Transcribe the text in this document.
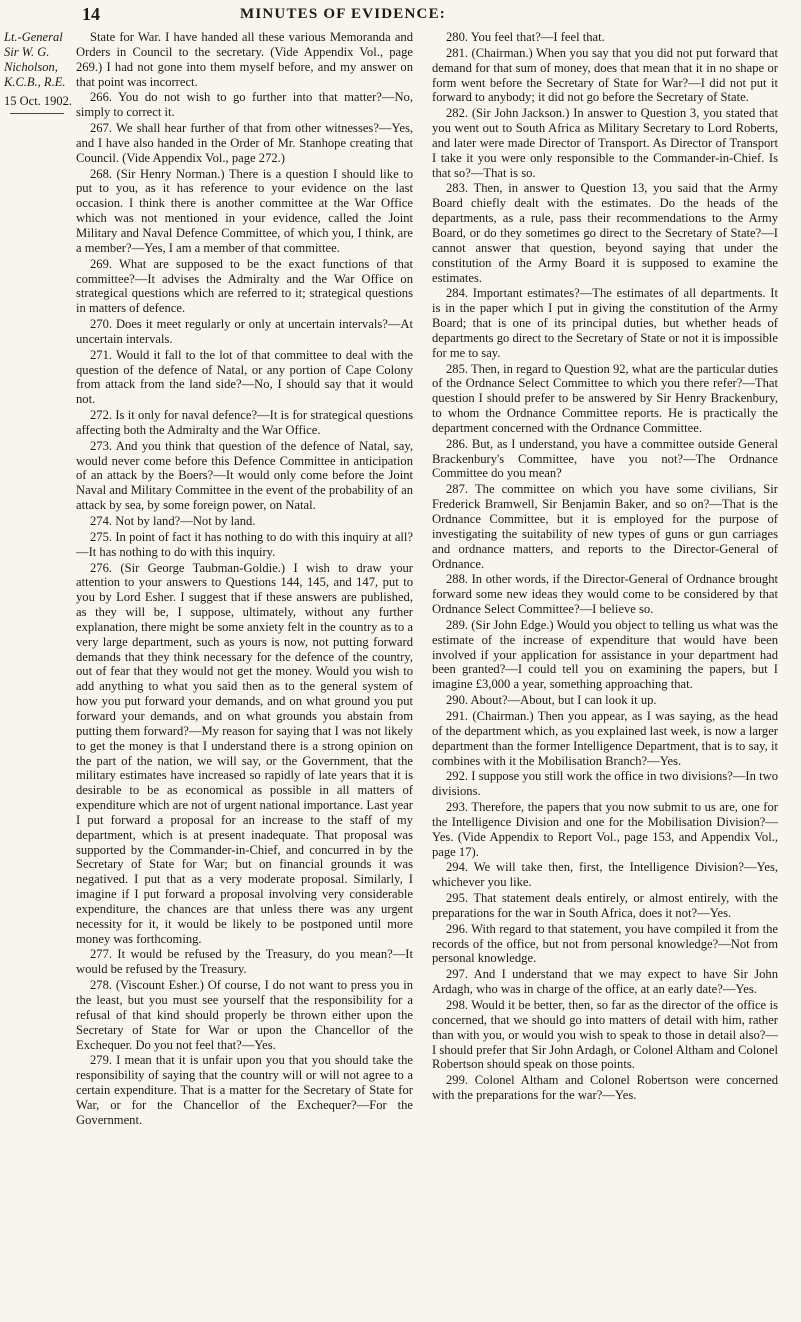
14	MINUTES OF EVIDENCE:
Lt.-General
Sir W. G.
Nicholson,
K.C.B., R.E.
15 Oct. 1902.

State for War. I have handed all these various Memoranda and Orders in Council to the secretary. (Vide Appendix Vol., page 269.) I had not gone into them myself before, and my answer on that point was incorrect.

266. You do not wish to go further into that matter?—No, simply to correct it.

267. We shall hear further of that from other witnesses?—Yes, and I have also handed in the Order of Mr. Stanhope creating that Council. (Vide Appendix Vol., page 272.)

268. (Sir Henry Norman.) There is a question I should like to put to you, as it has reference to your evidence on the last occasion. I think there is another committee at the War Office which was not mentioned in your evidence, called the Joint Military and Naval Defence Committee, of which you, I think, are a member?—Yes, I am a member of that committee.

269. What are supposed to be the exact functions of that committee?—It advises the Admiralty and the War Office on strategical questions which are referred to it; strategical questions in matters of defence.

270. Does it meet regularly or only at uncertain intervals?—At uncertain intervals.

271. Would it fall to the lot of that committee to deal with the question of the defence of Natal, or any portion of Cape Colony from attack from the land side?—No, I should say that it would not.

272. Is it only for naval defence?—It is for strategical questions affecting both the Admiralty and the War Office.

273. And you think that question of the defence of Natal, say, would never come before this Defence Committee in anticipation of an attack by the Boers?—It would only come before the Joint Naval and Military Committee in the event of the probability of an attack by sea, by some foreign power, on Natal.

274. Not by land?—Not by land.

275. In point of fact it has nothing to do with this inquiry at all?—It has nothing to do with this inquiry.

276. (Sir George Taubman-Goldie.) I wish to draw your attention to your answers to Questions 144, 145, and 147, put to you by Lord Esher. I suggest that if these answers are published, as they will be, I suppose, ultimately, without any further explanation, there might be some anxiety felt in the country as to a very large department, such as yours is now, not putting forward demands that they think necessary for the defence of the country, out of fear that they would not get the money. Would you wish to add anything to what you said then as to the general system of how you put forward your demands, and on what ground you put forward your demands, and on what grounds you abstain from putting them forward?—My reason for saying that I was not likely to get the money is that I understand there is a strong opinion on the part of the nation, we will say, or the Government, that the military estimates have increased so rapidly of late years that it is desirable to be as economical as possible in all matters of expenditure which are not of urgent national importance. Last year I put forward a proposal for an increase to the staff of my department, which is at present inadequate. That proposal was supported by the Commander-in-Chief, and concurred in by the Secretary of State for War; but on financial grounds it was negatived. I put that as a very moderate proposal. Similarly, I imagine if I put forward a proposal involving very considerable expenditure, the chances are that unless there was any urgent necessity for it, it would be likely to be postponed until more money was forthcoming.

277. It would be refused by the Treasury, do you mean?—It would be refused by the Treasury.

278. (Viscount Esher.) Of course, I do not want to press you in the least, but you must see yourself that the responsibility for a refusal of that kind should properly be thrown either upon the Secretary of State for War or upon the Chancellor of the Exchequer. Do you not feel that?—Yes.

279. I mean that it is unfair upon you that you should take the responsibility of saying that the country will or will not agree to a certain expenditure. That is a matter for the Secretary of State for War, or for the Chancellor of the Exchequer?—For the Government.

280. You feel that?—I feel that.

281. (Chairman.) When you say that you did not put forward that demand for that sum of money, does that mean that it in no shape or form went before the Secretary of State for War?—I did not put it forward to anybody; it did not go before the Secretary of State.

282. (Sir John Jackson.) In answer to Question 3, you stated that you went out to South Africa as Military Secretary to Lord Roberts, and later were made Director of Transport. As Director of Transport I take it you were only responsible to the Commander-in-Chief. Is that so?—That is so.

283. Then, in answer to Question 13, you said that the Army Board chiefly dealt with the estimates. Do the heads of the departments, as a rule, pass their recommendations to the Army Board, or do they sometimes go direct to the Secretary of State?—I cannot answer that question, beyond saying that under the constitution of the Army Board it is supposed to examine the estimates.

284. Important estimates?—The estimates of all departments. It is in the paper which I put in giving the constitution of the Army Board; that is one of its principal duties, but whether heads of departments go direct to the Secretary of State or not it is impossible for me to say.

285. Then, in regard to Question 92, what are the particular duties of the Ordnance Select Committee to which you there refer?—That question I should prefer to be answered by Sir Henry Brackenbury, to whom the Ordnance Committee reports. He is practically the department concerned with the Ordnance Committee.

286. But, as I understand, you have a committee outside General Brackenbury's Committee, have you not?—The Ordnance Committee do you mean?

287. The committee on which you have some civilians, Sir Frederick Bramwell, Sir Benjamin Baker, and so on?—That is the Ordnance Committee, but it is employed for the purpose of investigating the suitability of new types of guns or gun carriages and ordnance matters, and reports to the Director-General of Ordnance.

288. In other words, if the Director-General of Ordnance brought forward some new ideas they would come to be considered by that Ordnance Select Committee?—I believe so.

289. (Sir John Edge.) Would you object to telling us what was the estimate of the increase of expenditure that would have been involved if your application for assistance in your department had been granted?—I could tell you on examining the papers, but I imagine £3,000 a year, something approaching that.

290. About?—About, but I can look it up.

291. (Chairman.) Then you appear, as I was saying, as the head of the department which, as you explained last week, is now a larger department than the former Intelligence Department, that is to say, it combines with it the Mobilisation Branch?—Yes.

292. I suppose you still work the office in two divisions?—In two divisions.

293. Therefore, the papers that you now submit to us are, one for the Intelligence Division and one for the Mobilisation Division?—Yes. (Vide Appendix to Report Vol., page 153, and Appendix Vol., page 17).

294. We will take then, first, the Intelligence Division?—Yes, whichever you like.

295. That statement deals entirely, or almost entirely, with the preparations for the war in South Africa, does it not?—Yes.

296. With regard to that statement, you have compiled it from the records of the office, but not from personal knowledge?—Not from personal knowledge.

297. And I understand that we may expect to have Sir John Ardagh, who was in charge of the office, at an early date?—Yes.

298. Would it be better, then, so far as the director of the office is concerned, that we should go into matters of detail with him, rather than with you, or would you wish to speak to those in detail also?—I should prefer that Sir John Ardagh, or Colonel Altham and Colonel Robertson should speak on those points.

299. Colonel Altham and Colonel Robertson were concerned with the preparations for the war?—Yes.
